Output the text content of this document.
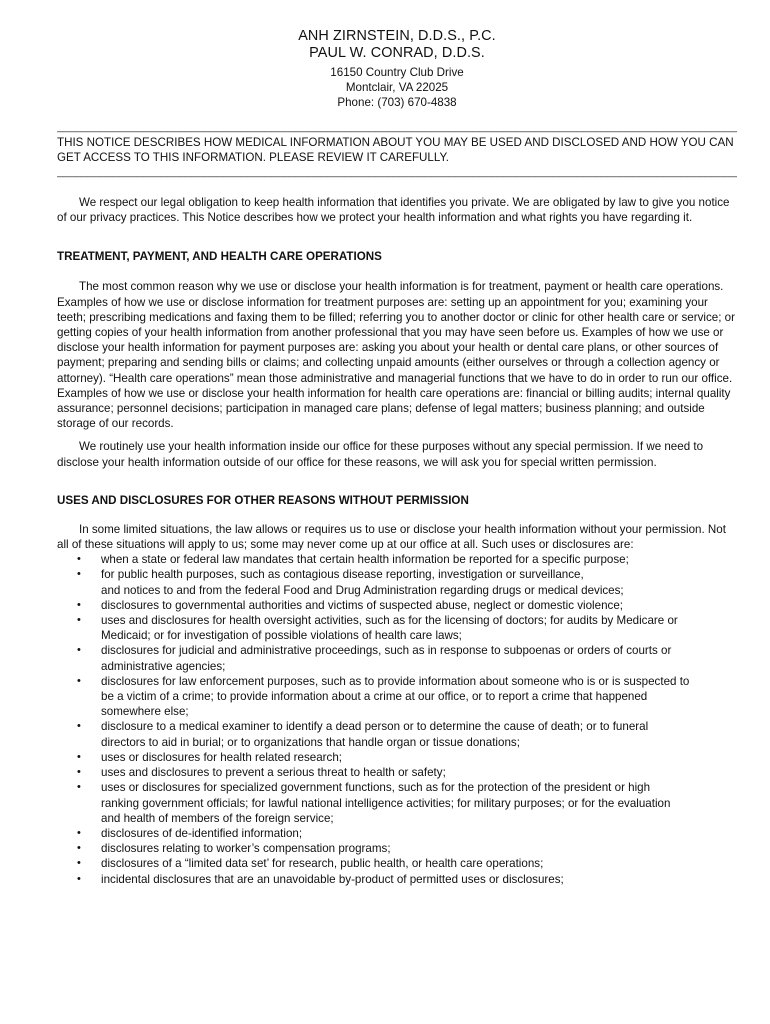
ANH ZIRNSTEIN, D.D.S., P.C.
PAUL W. CONRAD, D.D.S.
16150 Country Club Drive
Montclair, VA 22025
Phone: (703) 670-4838
_____
THIS NOTICE DESCRIBES HOW MEDICAL INFORMATION ABOUT YOU MAY BE USED AND DISCLOSED AND HOW YOU CAN GET ACCESS TO THIS INFORMATION. PLEASE REVIEW IT CAREFULLY.
_____

We respect our legal obligation to keep health information that identifies you private. We are obligated by law to give you notice of our privacy practices. This Notice describes how we protect your health information and what rights you have regarding it.

TREATMENT, PAYMENT, AND HEALTH CARE OPERATIONS

The most common reason why we use or disclose your health information is for treatment, payment or health care operations. Examples of how we use or disclose information for treatment purposes are: setting up an appointment for you; examining your teeth; prescribing medications and faxing them to be filled; referring you to another doctor or clinic for other health care or service; or getting copies of your health information from another professional that you may have seen before us. Examples of how we use or disclose your health information for payment purposes are: asking you about your health or dental care plans, or other sources of payment; preparing and sending bills or claims; and collecting unpaid amounts (either ourselves or through a collection agency or attorney). “Health care operations” mean those administrative and managerial functions that we have to do in order to run our office. Examples of how we use or disclose your health information for health care operations are: financial or billing audits; internal quality assurance; personnel decisions; participation in managed care plans; defense of legal matters; business planning; and outside storage of our records.

We routinely use your health information inside our office for these purposes without any special permission. If we need to disclose your health information outside of our office for these reasons, we will ask you for special written permission.

USES AND DISCLOSURES FOR OTHER REASONS WITHOUT PERMISSION

In some limited situations, the law allows or requires us to use or disclose your health information without your permission. Not all of these situations will apply to us; some may never come up at our office at all. Such uses or disclosures are:

• when a state or federal law mandates that certain health information be reported for a specific purpose;
• for public health purposes, such as contagious disease reporting, investigation or surveillance,
and notices to and from the federal Food and Drug Administration regarding drugs or medical devices;
• disclosures to governmental authorities and victims of suspected abuse, neglect or domestic violence;
• uses and disclosures for health oversight activities, such as for the licensing of doctors; for audits by Medicare or
Medicaid; or for investigation of possible violations of health care laws;
• disclosures for judicial and administrative proceedings, such as in response to subpoenas or orders of courts or
administrative agencies;
• disclosures for law enforcement purposes, such as to provide information about someone who is or is suspected to
be a victim of a crime; to provide information about a crime at our office, or to report a crime that happened
somewhere else;
• disclosure to a medical examiner to identify a dead person or to determine the cause of death; or to funeral
directors to aid in burial; or to organizations that handle organ or tissue donations;
• uses or disclosures for health related research;
• uses and disclosures to prevent a serious threat to health or safety;
• uses or disclosures for specialized government functions, such as for the protection of the president or high
ranking government officials; for lawful national intelligence activities; for military purposes; or for the evaluation
and health of members of the foreign service;
• disclosures of de-identified information;
• disclosures relating to worker’s compensation programs;
• disclosures of a “limited data set’ for research, public health, or health care operations;
• incidental disclosures that are an unavoidable by-product of permitted uses or disclosures;
